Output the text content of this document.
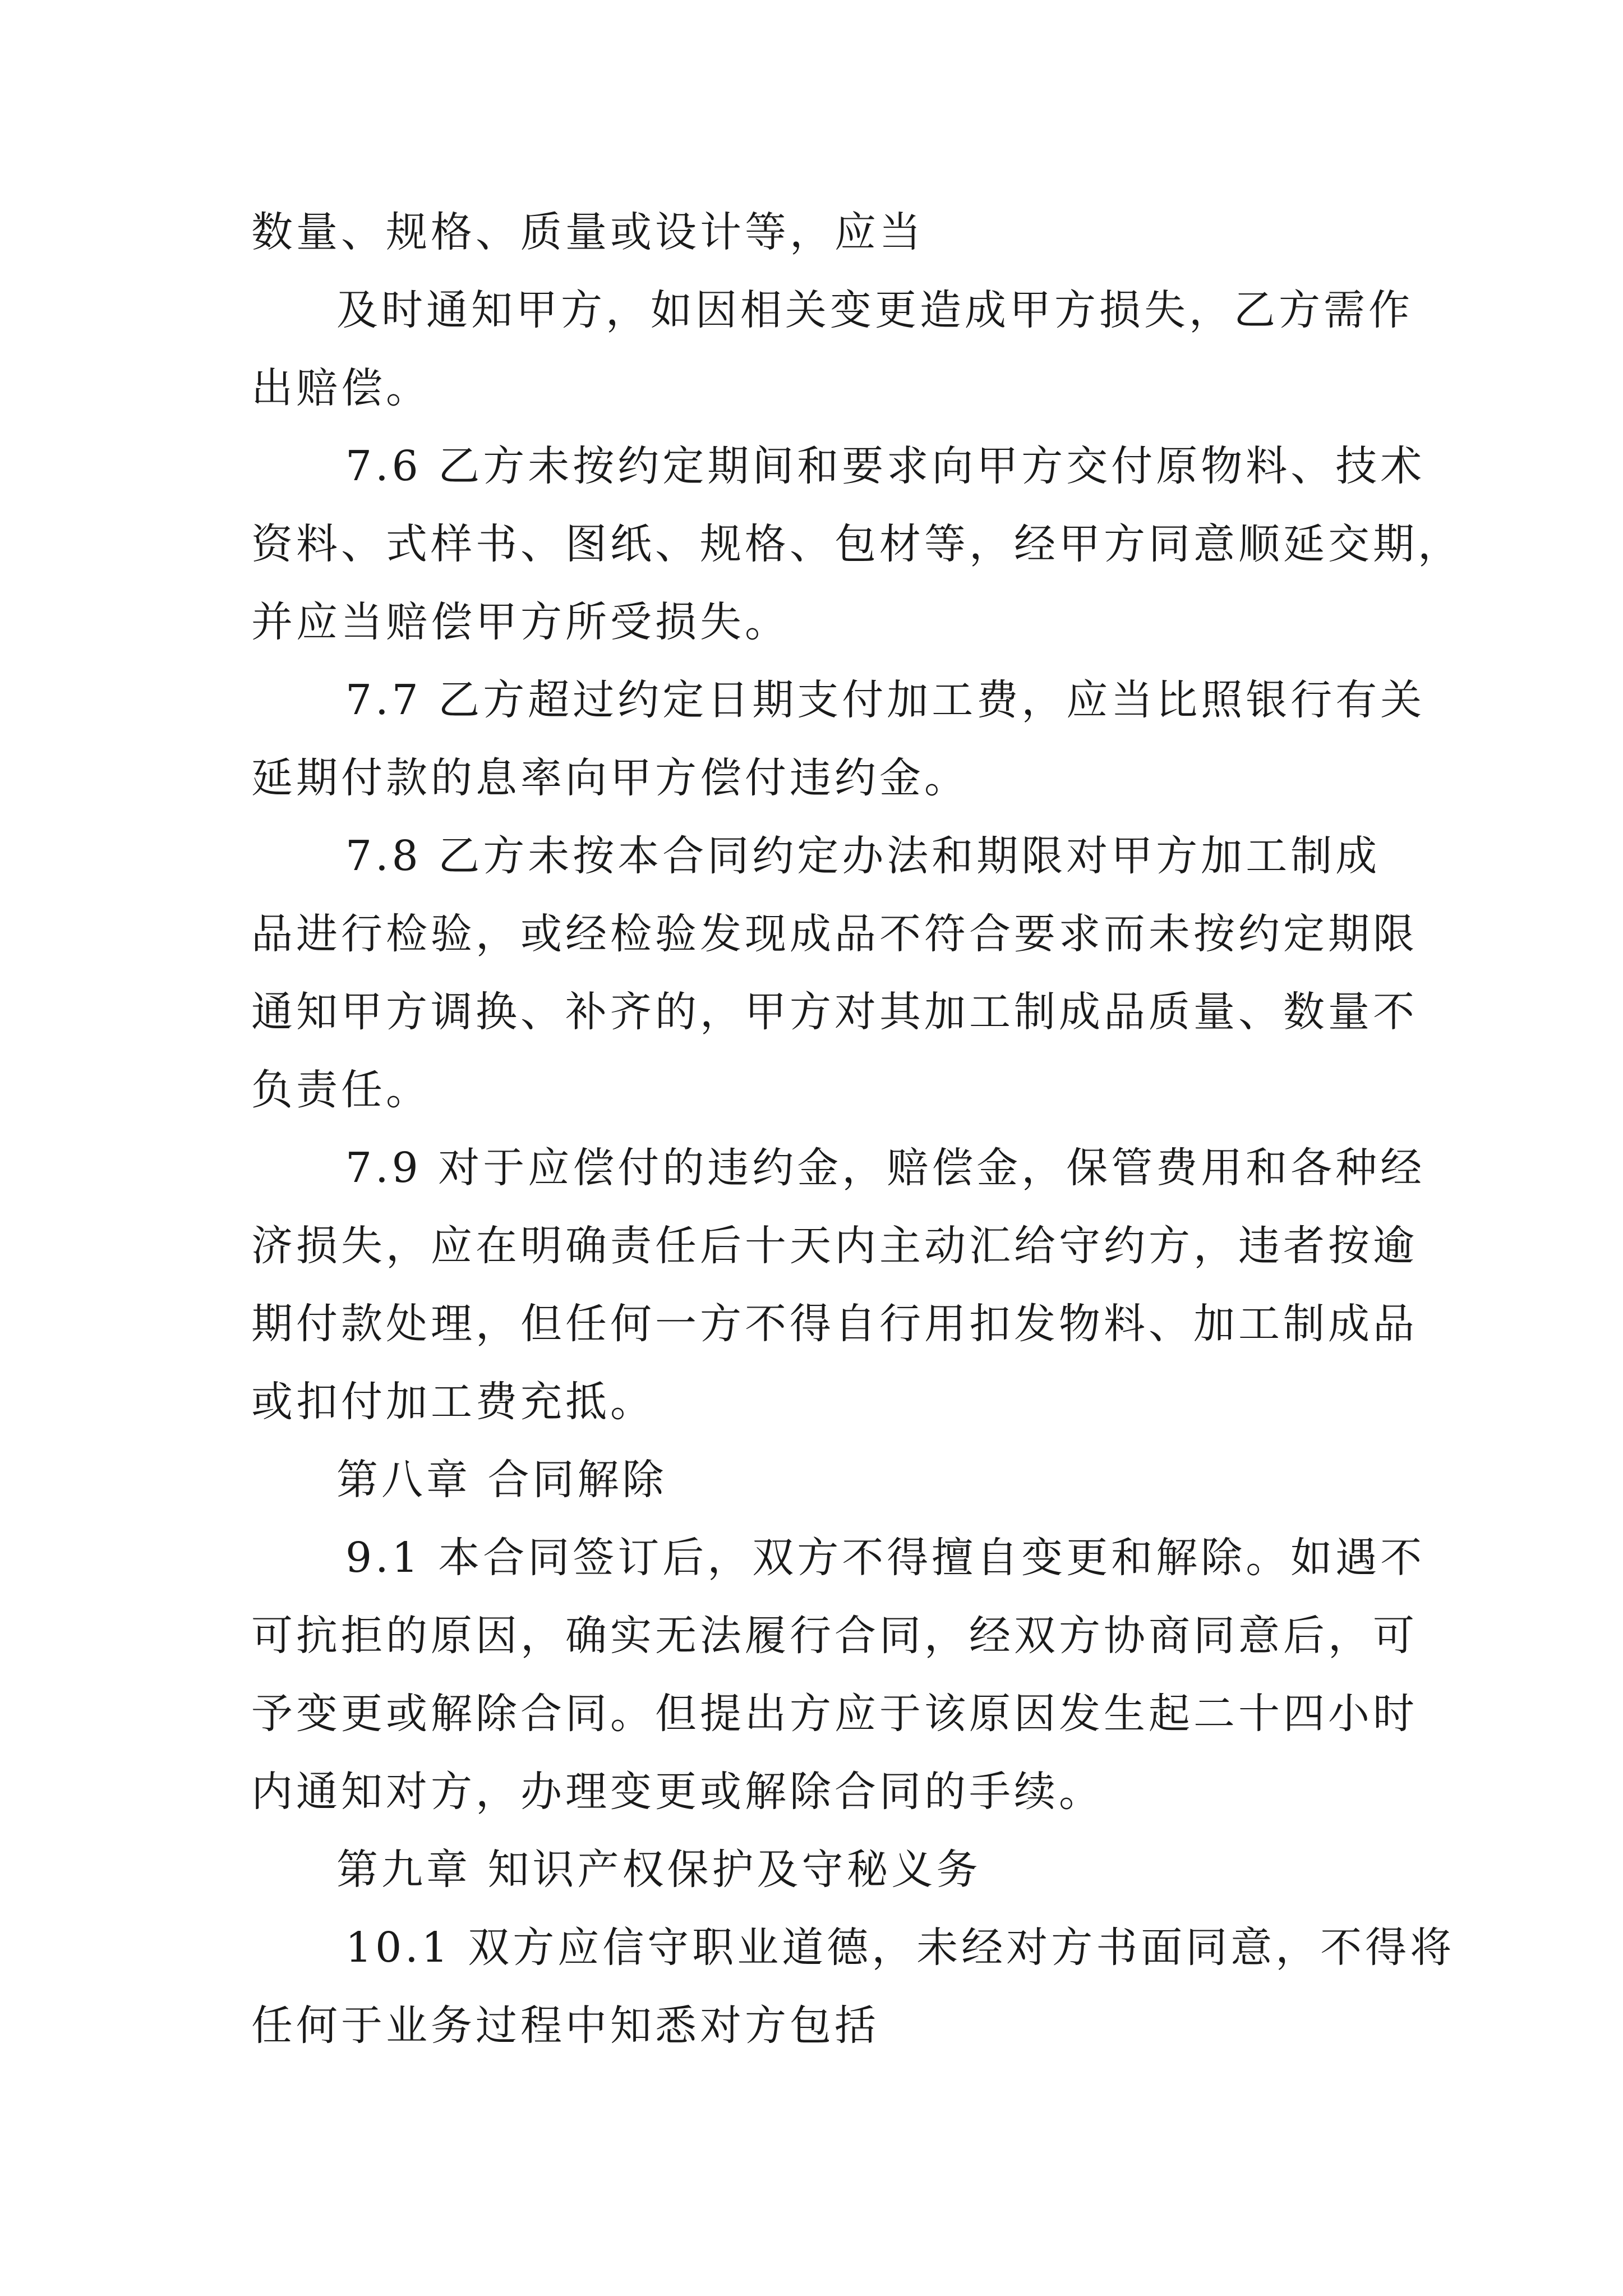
数量、规格、质量或设计等，应当
及时通知甲方，如因相关变更造成甲方损失，乙方需作
出赔偿。
7.6 乙方未按约定期间和要求向甲方交付原物料、技术
资料、式样书、图纸、规格、包材等，经甲方同意顺延交期，
并应当赔偿甲方所受损失。
7.7 乙方超过约定日期支付加工费，应当比照银行有关
延期付款的息率向甲方偿付违约金。
7.8 乙方未按本合同约定办法和期限对甲方加工制成
品进行检验，或经检验发现成品不符合要求而未按约定期限
通知甲方调换、补齐的，甲方对其加工制成品质量、数量不
负责任。
7.9 对于应偿付的违约金，赔偿金，保管费用和各种经
济损失，应在明确责任后十天内主动汇给守约方，违者按逾
期付款处理，但任何一方不得自行用扣发物料、加工制成品
或扣付加工费充抵。
第八章 合同解除
9.1 本合同签订后，双方不得擅自变更和解除。如遇不
可抗拒的原因，确实无法履行合同，经双方协商同意后，可
予变更或解除合同。但提出方应于该原因发生起二十四小时
内通知对方，办理变更或解除合同的手续。
第九章 知识产权保护及守秘义务
10.1 双方应信守职业道德，未经对方书面同意，不得将
任何于业务过程中知悉对方包括
